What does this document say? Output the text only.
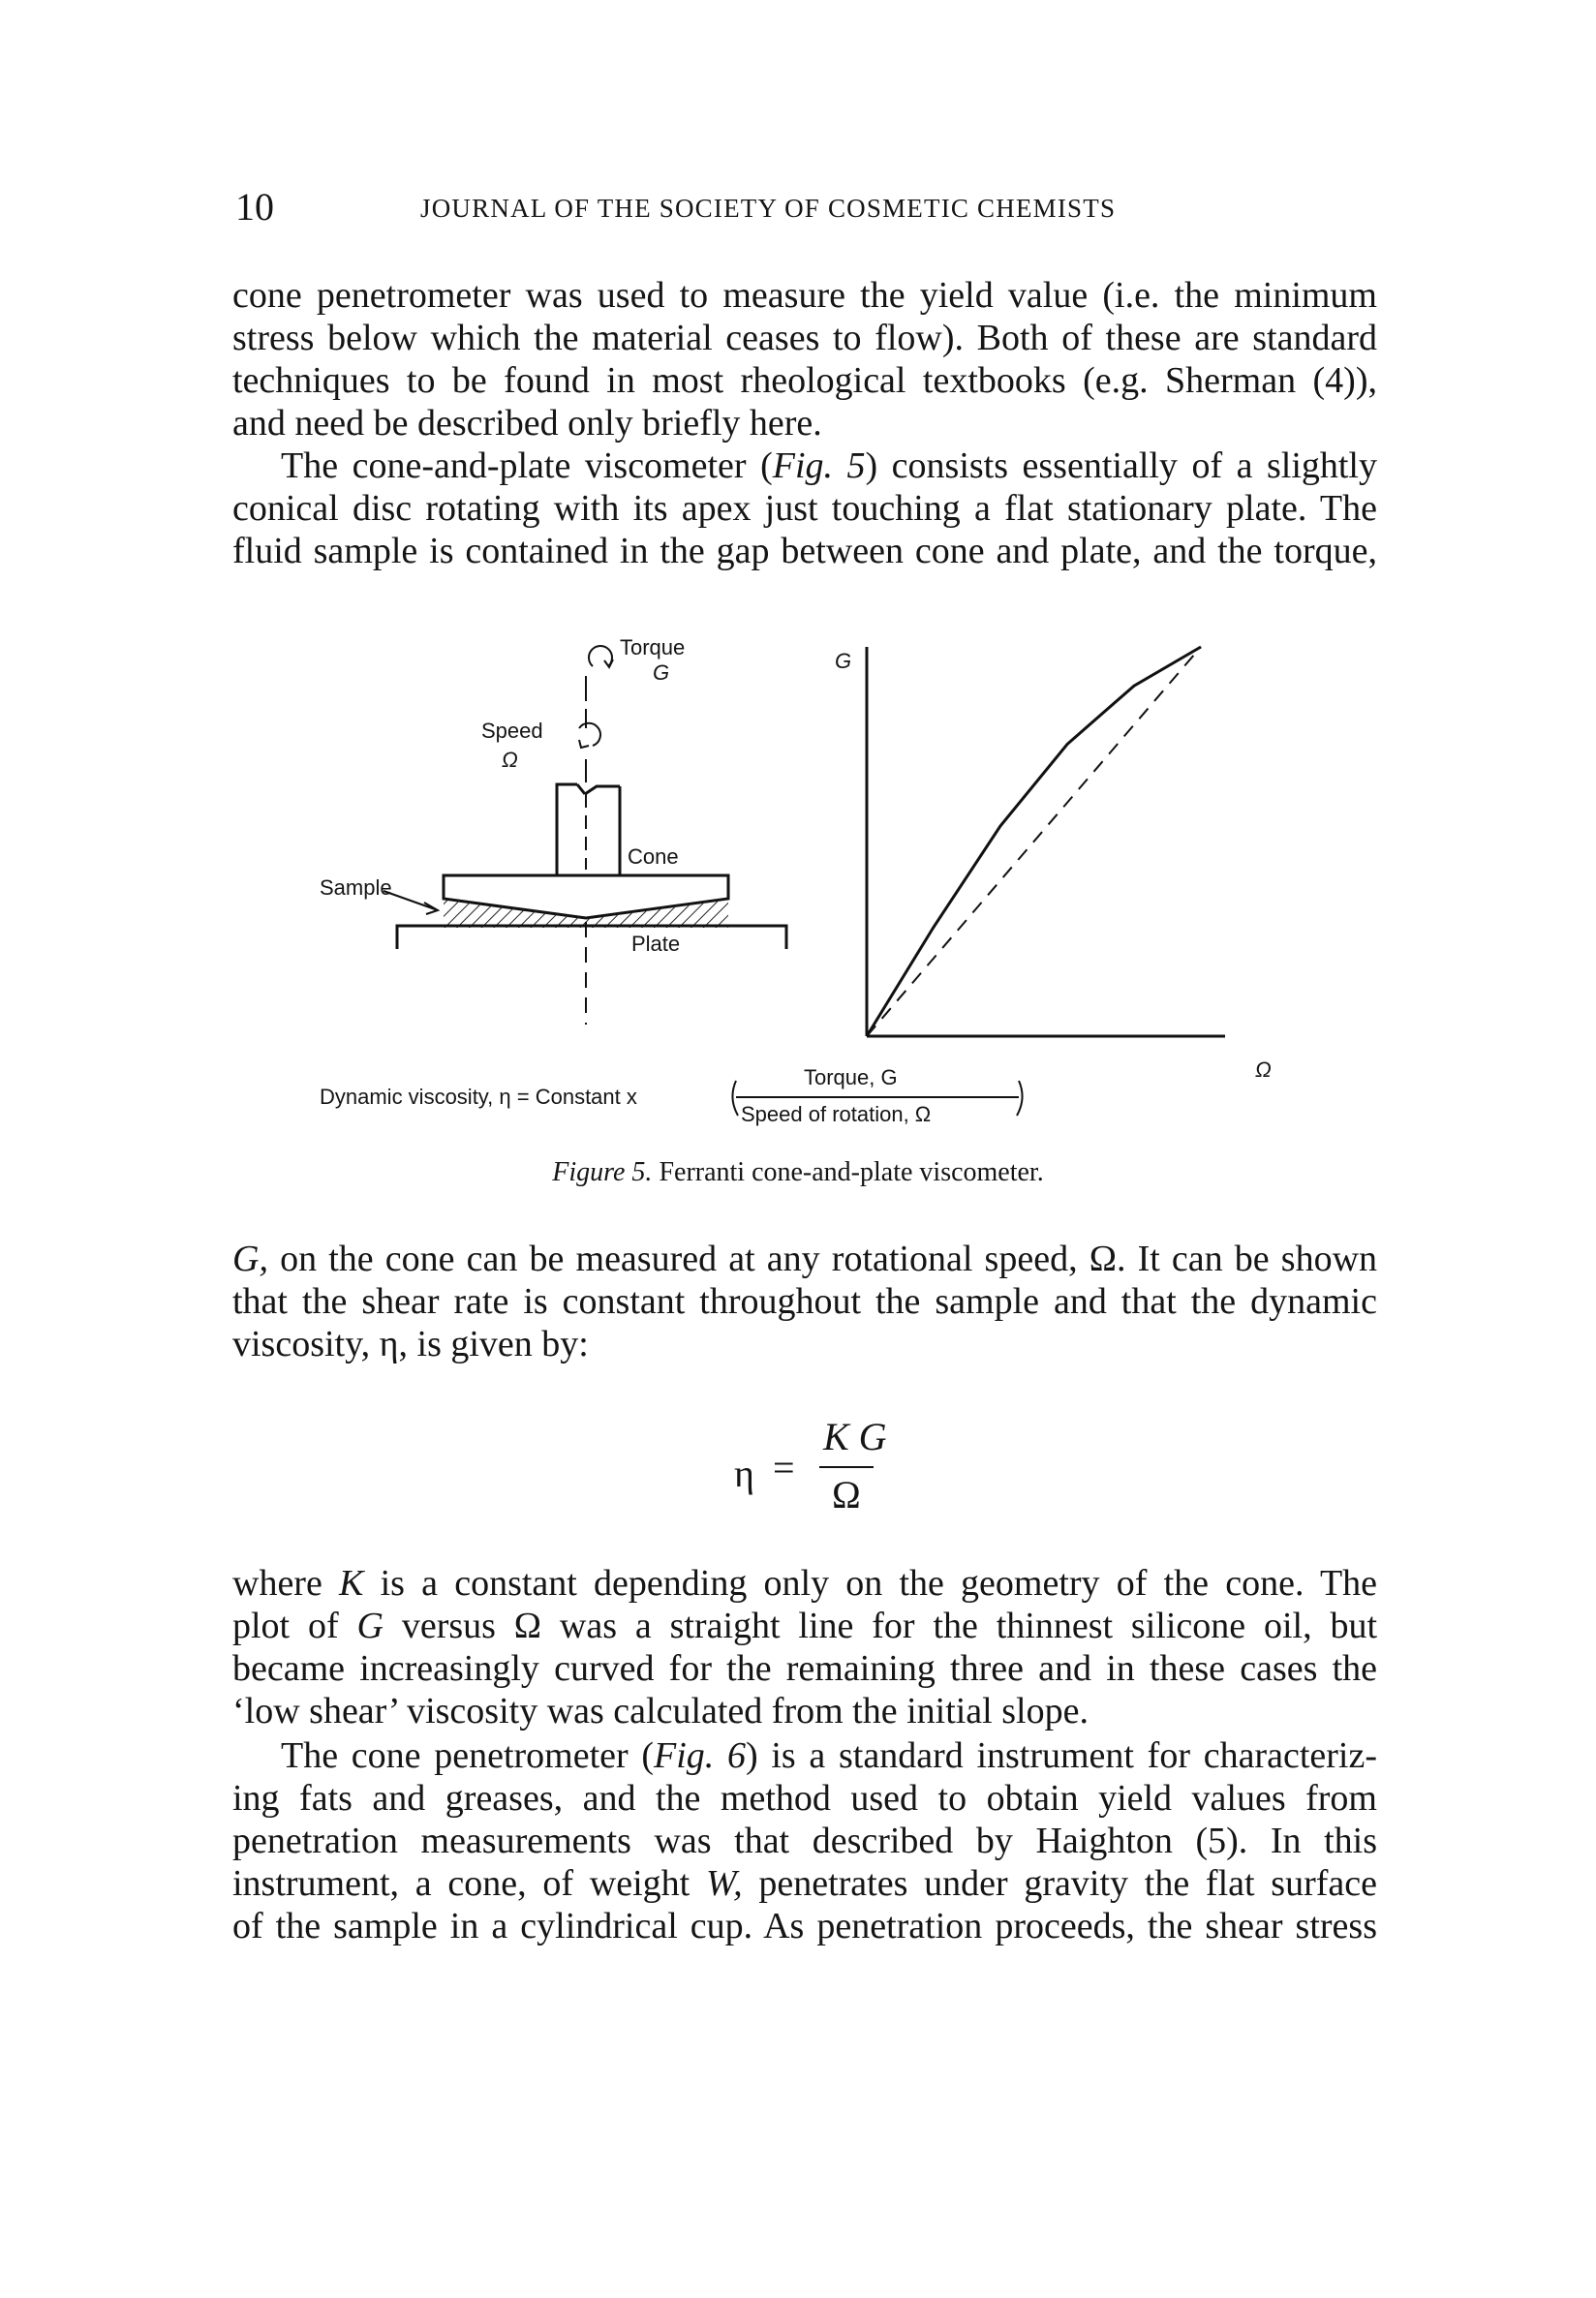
10	JOURNAL OF THE SOCIETY OF COSMETIC CHEMISTS
cone penetrometer was used to measure the yield value (i.e. the minimum
stress below which the material ceases to flow). Both of these are standard
techniques to be found in most rheological textbooks (e.g. Sherman (4)),
and need be described only briefly here.
The cone-and-plate viscometer (Fig. 5) consists essentially of a slightly
conical disc rotating with its apex just touching a flat stationary plate. The
fluid sample is contained in the gap between cone and plate, and the torque,
Torque
G
Speed
Ω
Cone
Plate
Sample
G
Ω
Dynamic viscosity, η = Constant x
Torque, G
Speed of rotation, Ω
Figure 5. Ferranti cone-and-plate viscometer.
G, on the cone can be measured at any rotational speed, Ω. It can be shown
that the shear rate is constant throughout the sample and that the dynamic
viscosity, η, is given by:
η =
K G
Ω
where K is a constant depending only on the geometry of the cone. The
plot of G versus Ω was a straight line for the thinnest silicone oil, but
became increasingly curved for the remaining three and in these cases the
‘low shear’ viscosity was calculated from the initial slope.
The cone penetrometer (Fig. 6) is a standard instrument for characteriz-
ing fats and greases, and the method used to obtain yield values from
penetration measurements was that described by Haighton (5). In this
instrument, a cone, of weight W, penetrates under gravity the flat surface
of the sample in a cylindrical cup. As penetration proceeds, the shear stress
